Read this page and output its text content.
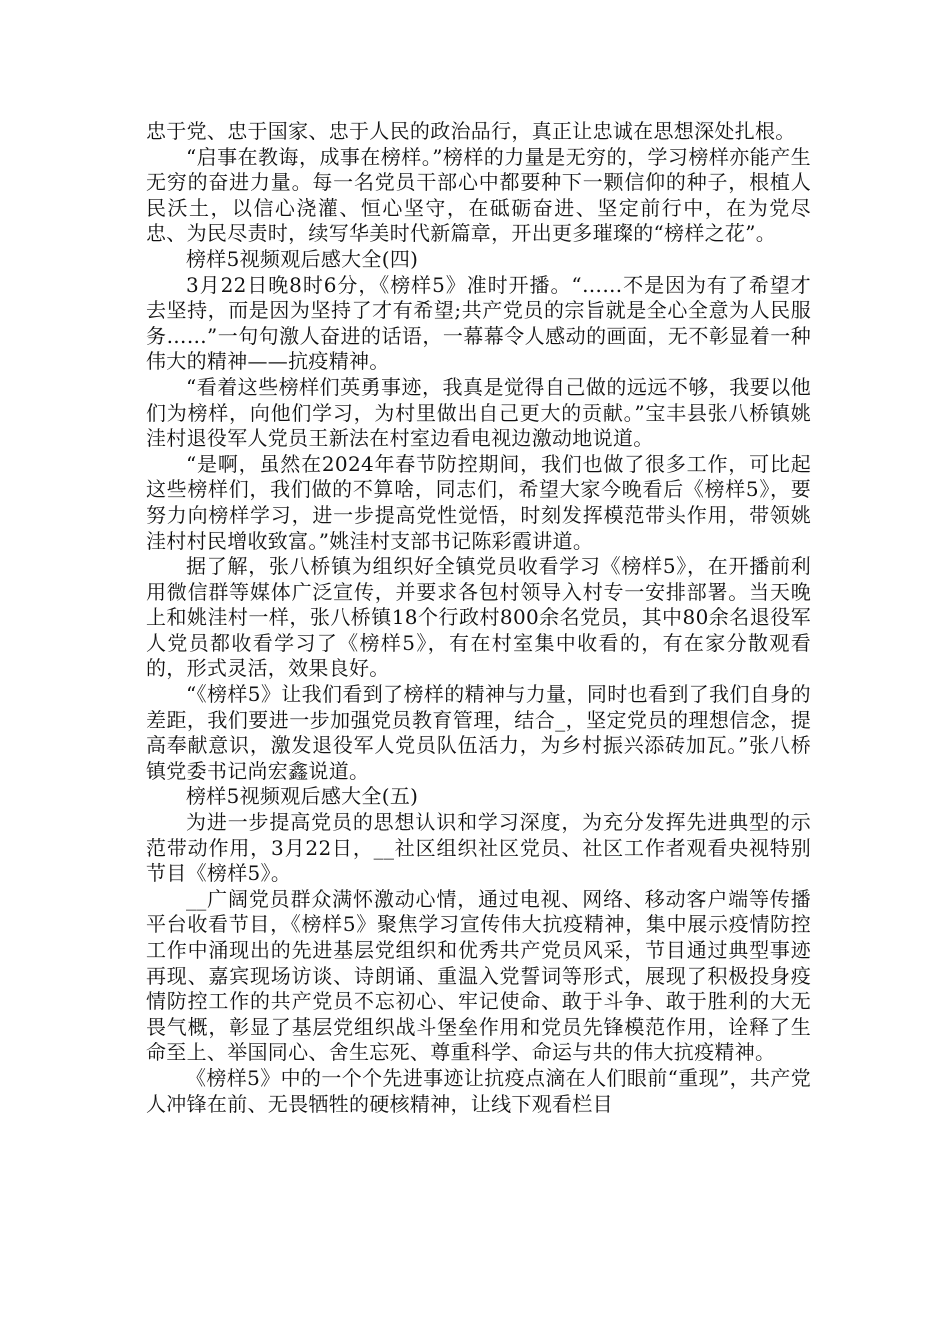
忠于党、忠于国家、忠于人民的政治品行，真正让忠诚在思想深处扎根。

“启事在教诲，成事在榜样。”榜样的力量是无穷的，学习榜样亦能产生无穷的奋进力量。每一名党员干部心中都要种下一颗信仰的种子，根植人民沃土，以信心浇灌、恒心坚守，在砥砺奋进、坚定前行中，在为党尽忠、为民尽责时，续写华美时代新篇章，开出更多璀璨的“榜样之花”。

榜样5视频观后感大全(四)

3月22日晚8时6分，《榜样5》准时开播。“……不是因为有了希望才去坚持，而是因为坚持了才有希望;共产党员的宗旨就是全心全意为人民服务……”一句句激人奋进的话语，一幕幕令人感动的画面，无不彰显着一种伟大的精神——抗疫精神。

“看着这些榜样们英勇事迹，我真是觉得自己做的远远不够，我要以他们为榜样，向他们学习，为村里做出自己更大的贡献。”宝丰县张八桥镇姚洼村退役军人党员王新法在村室边看电视边激动地说道。

“是啊，虽然在2024年春节防控期间，我们也做了很多工作，可比起这些榜样们，我们做的不算啥，同志们，希望大家今晚看后《榜样5》，要努力向榜样学习，进一步提高党性觉悟，时刻发挥模范带头作用，带领姚洼村村民增收致富。”姚洼村支部书记陈彩霞讲道。

据了解，张八桥镇为组织好全镇党员收看学习《榜样5》，在开播前利用微信群等媒体广泛宣传，并要求各包村领导入村专一安排部署。当天晚上和姚洼村一样，张八桥镇18个行政村800余名党员，其中80余名退役军人党员都收看学习了《榜样5》，有在村室集中收看的，有在家分散观看的，形式灵活，效果良好。

“《榜样5》让我们看到了榜样的精神与力量，同时也看到了我们自身的差距，我们要进一步加强党员教育管理，结合_，坚定党员的理想信念，提高奉献意识，激发退役军人党员队伍活力，为乡村振兴添砖加瓦。”张八桥镇党委书记尚宏鑫说道。

榜样5视频观后感大全(五)

为进一步提高党员的思想认识和学习深度，为充分发挥先进典型的示范带动作用，3月22日，__社区组织社区党员、社区工作者观看央视特别节目《榜样5》。

__广阔党员群众满怀激动心情，通过电视、网络、移动客户端等传播平台收看节目，《榜样5》聚焦学习宣传伟大抗疫精神，集中展示疫情防控工作中涌现出的先进基层党组织和优秀共产党员风采，节目通过典型事迹再现、嘉宾现场访谈、诗朗诵、重温入党誓词等形式，展现了积极投身疫情防控工作的共产党员不忘初心、牢记使命、敢于斗争、敢于胜利的大无畏气概，彰显了基层党组织战斗堡垒作用和党员先锋模范作用，诠释了生命至上、举国同心、舍生忘死、尊重科学、命运与共的伟大抗疫精神。

《榜样5》中的一个个先进事迹让抗疫点滴在人们眼前“重现”，共产党人冲锋在前、无畏牺牲的硬核精神，让线下观看栏目
